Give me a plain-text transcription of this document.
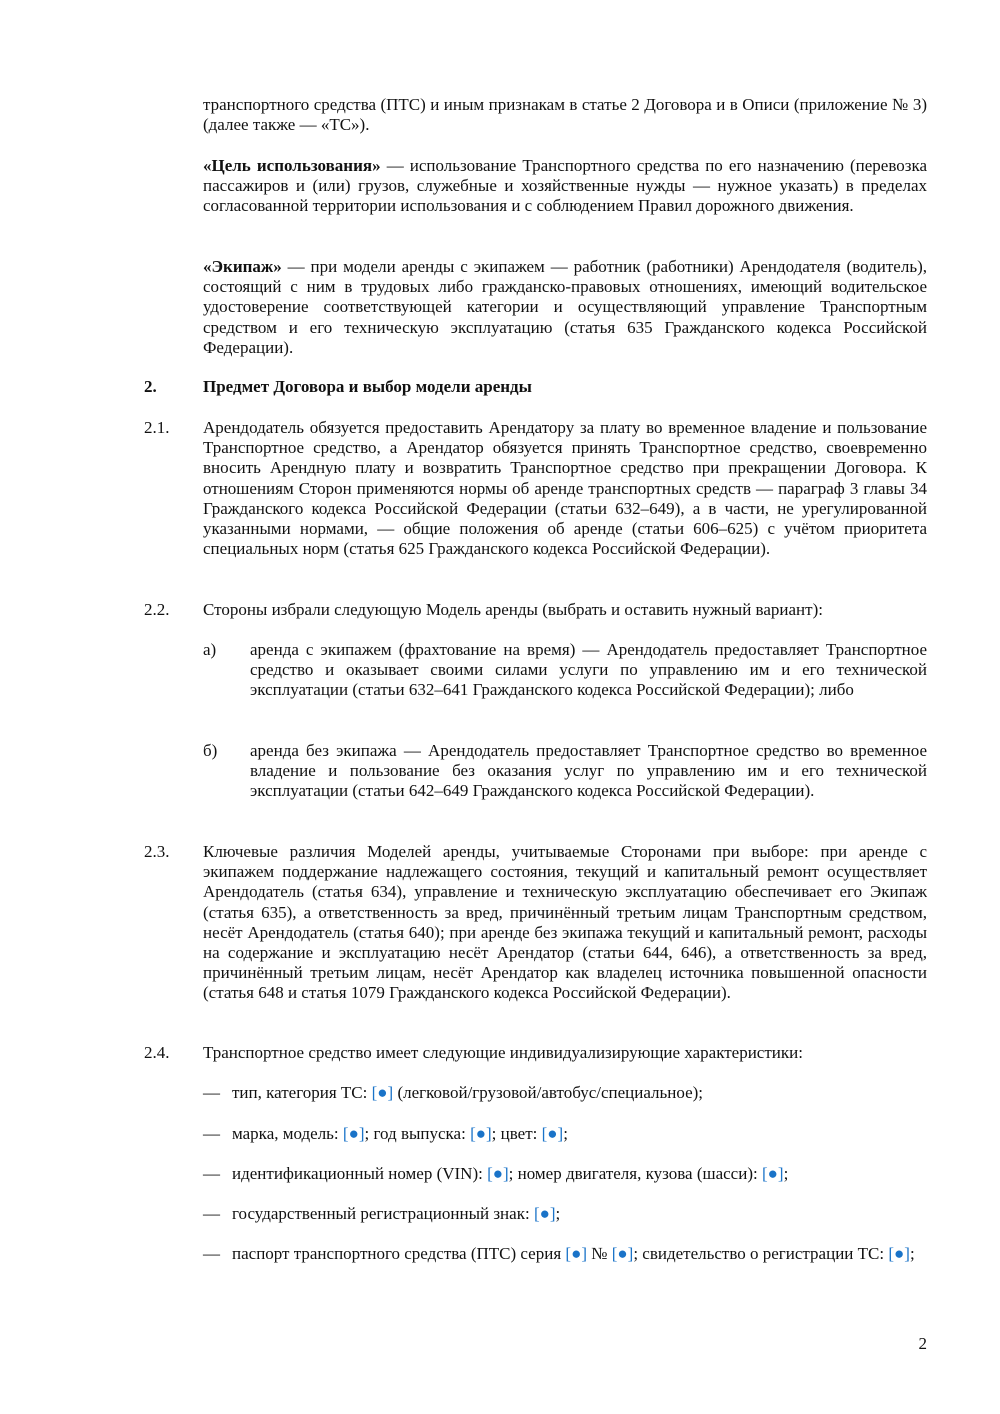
транспортного средства (ПТС) и иным признакам в статье 2 Договора и в Описи (приложение № 3) (далее также — «ТС»).

«Цель использования» — использование Транспортного средства по его назначению (перевозка пассажиров и (или) грузов, служебные и хозяйственные нужды — нужное указать) в пределах согласованной территории использования и с соблюдением Правил дорожного движения.

«Экипаж» — при модели аренды с экипажем — работник (работники) Арендодателя (водитель), состоящий с ним в трудовых либо гражданско-правовых отношениях, имеющий водительское удостоверение соответствующей категории и осуществляющий управление Транспортным средством и его техническую эксплуатацию (статья 635 Гражданского кодекса Российской Федерации).

2.	Предмет Договора и выбор модели аренды
2.1. Арендодатель обязуется предоставить Арендатору за плату во временное владение и пользование Транспортное средство, а Арендатор обязуется принять Транспортное средство, своевременно вносить Арендную плату и возвратить Транспортное средство при прекращении Договора. К отношениям Сторон применяются нормы об аренде транспортных средств — параграф 3 главы 34 Гражданского кодекса Российской Федерации (статьи 632–649), а в части, не урегулированной указанными нормами, — общие положения об аренде (статьи 606–625) с учётом приоритета специальных норм (статья 625 Гражданского кодекса Российской Федерации).
2.2. Стороны избрали следующую Модель аренды (выбрать и оставить нужный вариант):
а) аренда с экипажем (фрахтование на время) — Арендодатель предоставляет Транспортное средство и оказывает своими силами услуги по управлению им и его технической эксплуатации (статьи 632–641 Гражданского кодекса Российской Федерации); либо
б) аренда без экипажа — Арендодатель предоставляет Транспортное средство во временное владение и пользование без оказания услуг по управлению им и его технической эксплуатации (статьи 642–649 Гражданского кодекса Российской Федерации).
2.3. Ключевые различия Моделей аренды, учитываемые Сторонами при выборе: при аренде с экипажем поддержание надлежащего состояния, текущий и капитальный ремонт осуществляет Арендодатель (статья 634), управление и техническую эксплуатацию обеспечивает его Экипаж (статья 635), а ответственность за вред, причинённый третьим лицам Транспортным средством, несёт Арендодатель (статья 640); при аренде без экипажа текущий и капитальный ремонт, расходы на содержание и эксплуатацию несёт Арендатор (статьи 644, 646), а ответственность за вред, причинённый третьим лицам, несёт Арендатор как владелец источника повышенной опасности (статья 648 и статья 1079 Гражданского кодекса Российской Федерации).
2.4. Транспортное средство имеет следующие индивидуализирующие характеристики:
— тип, категория ТС: [●] (легковой/грузовой/автобус/специальное);
— марка, модель: [●]; год выпуска: [●]; цвет: [●];
— идентификационный номер (VIN): [●]; номер двигателя, кузова (шасси): [●];
— государственный регистрационный знак: [●];
— паспорт транспортного средства (ПТС) серия [●] № [●]; свидетельство о регистрации ТС: [●];
2
